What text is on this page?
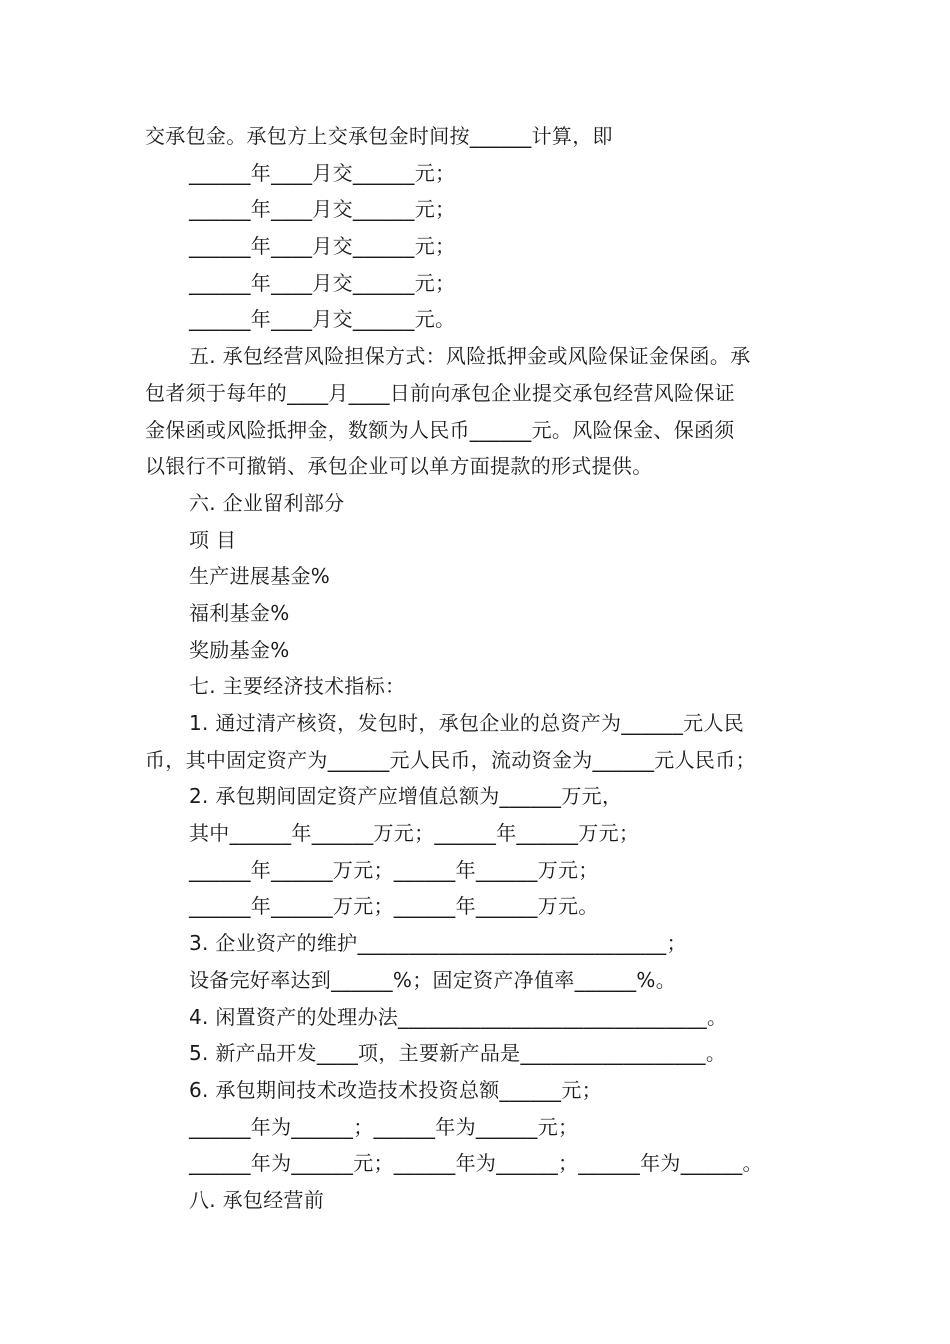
交承包金。承包方上交承包金时间按______计算，即
______年____月交______元；
______年____月交______元；
______年____月交______元；
______年____月交______元；
______年____月交______元。
五. 承包经营风险担保方式：风险抵押金或风险保证金保函。承
包者须于每年的____月____日前向承包企业提交承包经营风险保证
金保函或风险抵押金，数额为人民币______元。风险保金、保函须
以银行不可撤销、承包企业可以单方面提款的形式提供。
六. 企业留利部分
项 目
生产进展基金%
福利基金%
奖励基金%
七. 主要经济技术指标：
1. 通过清产核资，发包时，承包企业的总资产为______元人民
币，其中固定资产为______元人民币，流动资金为______元人民币；
2. 承包期间固定资产应增值总额为______万元，
其中______年______万元；______年______万元；
______年______万元；______年______万元；
______年______万元；______年______万元。
3. 企业资产的维护______________________________；
设备完好率达到______%；固定资产净值率______%。
4. 闲置资产的处理办法______________________________。
5. 新产品开发____项，主要新产品是__________________。
6. 承包期间技术改造技术投资总额______元；
______年为______；______年为______元；
______年为______元；______年为______；______年为______。
八. 承包经营前
